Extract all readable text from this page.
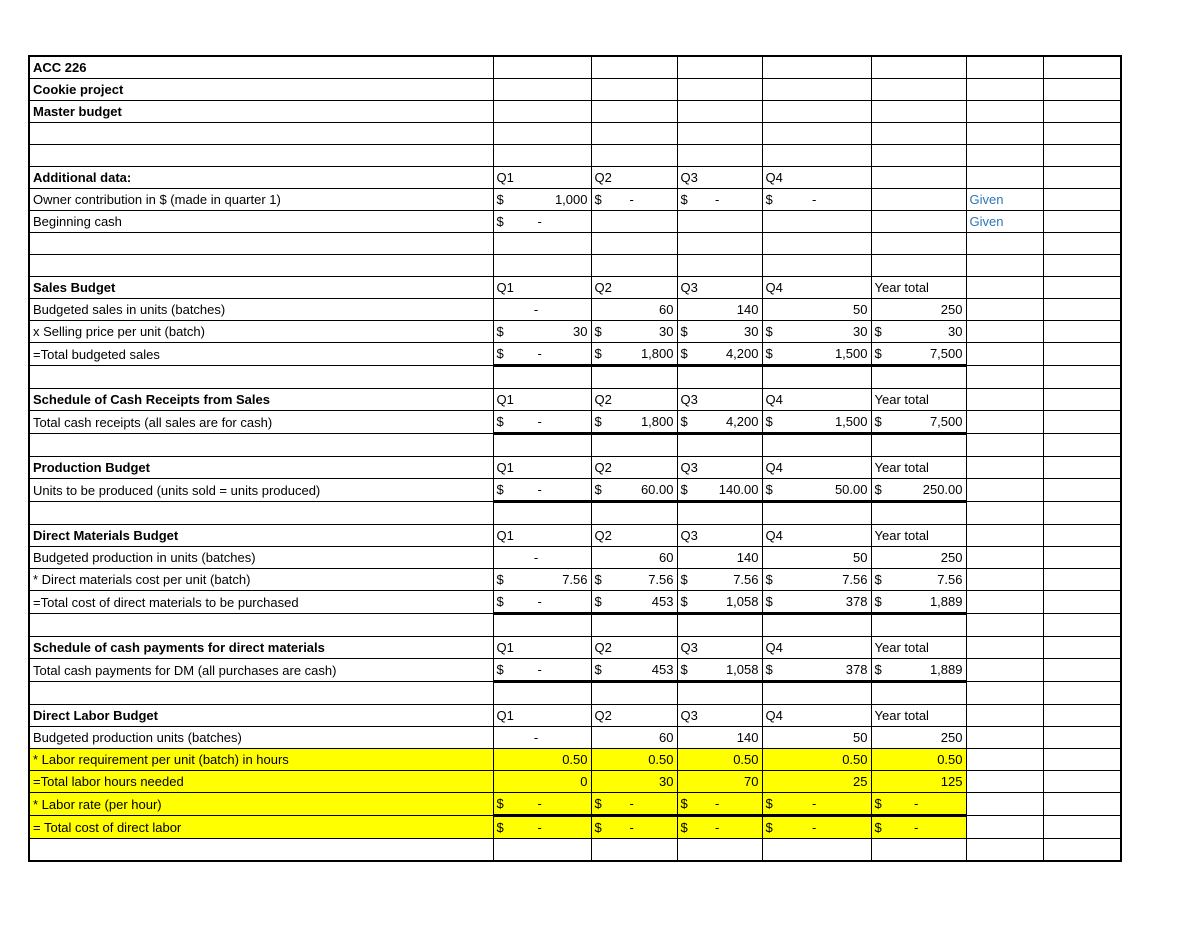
ACC 226							
Cookie project							
Master budget							

Additional data:	Q1	Q2	Q3	Q4			
Owner contribution in $ (made in quarter 1)	$ 1,000	$ -	$ -	$ -		Given	
Beginning cash	$ -					Given	

Sales Budget	Q1	Q2	Q3	Q4	Year total		
Budgeted sales in units (batches)	-	60	140	50	250		

x Selling price per unit (batch)	$ 30	$ 30	$ 30	$ 30	$ 30		

=Total budgeted sales	$ -	$ 1,800	$ 4,200	$ 1,500	$ 7,500		

Schedule of Cash Receipts from Sales	Q1	Q2	Q3	Q4	Year total		
Total cash receipts (all sales are for cash)	$ -	$ 1,800	$ 4,200	$ 1,500	$ 7,500		

Production Budget	Q1	Q2	Q3	Q4	Year total		
Units to be produced (units sold = units produced)	$ -	$ 60.00	$ 140.00	$ 50.00	$ 250.00		

Direct Materials Budget	Q1	Q2	Q3	Q4	Year total		
Budgeted production in units (batches)	-	60	140	50	250		

* Direct materials cost per unit (batch)	$ 7.56	$ 7.56	$ 7.56	$ 7.56	$ 7.56		

=Total cost of direct materials to be purchased	$ -	$ 453	$ 1,058	$ 378	$ 1,889		

Schedule of cash payments for direct materials	Q1	Q2	Q3	Q4	Year total		
Total cash payments for DM (all purchases are cash)	$ -	$ 453	$ 1,058	$ 378	$ 1,889		

Direct Labor Budget	Q1	Q2	Q3	Q4	Year total		
Budgeted production units (batches)	-	60	140	50	250		

* Labor requirement per unit (batch) in hours	0.50	0.50	0.50	0.50	0.50		

=Total labor hours needed	0	30	70	25	125		

* Labor rate (per hour)	$ -	$ -	$ -	$ -	$ -		

= Total cost of direct labor	$ -	$ -	$ -	$ -	$ -		
